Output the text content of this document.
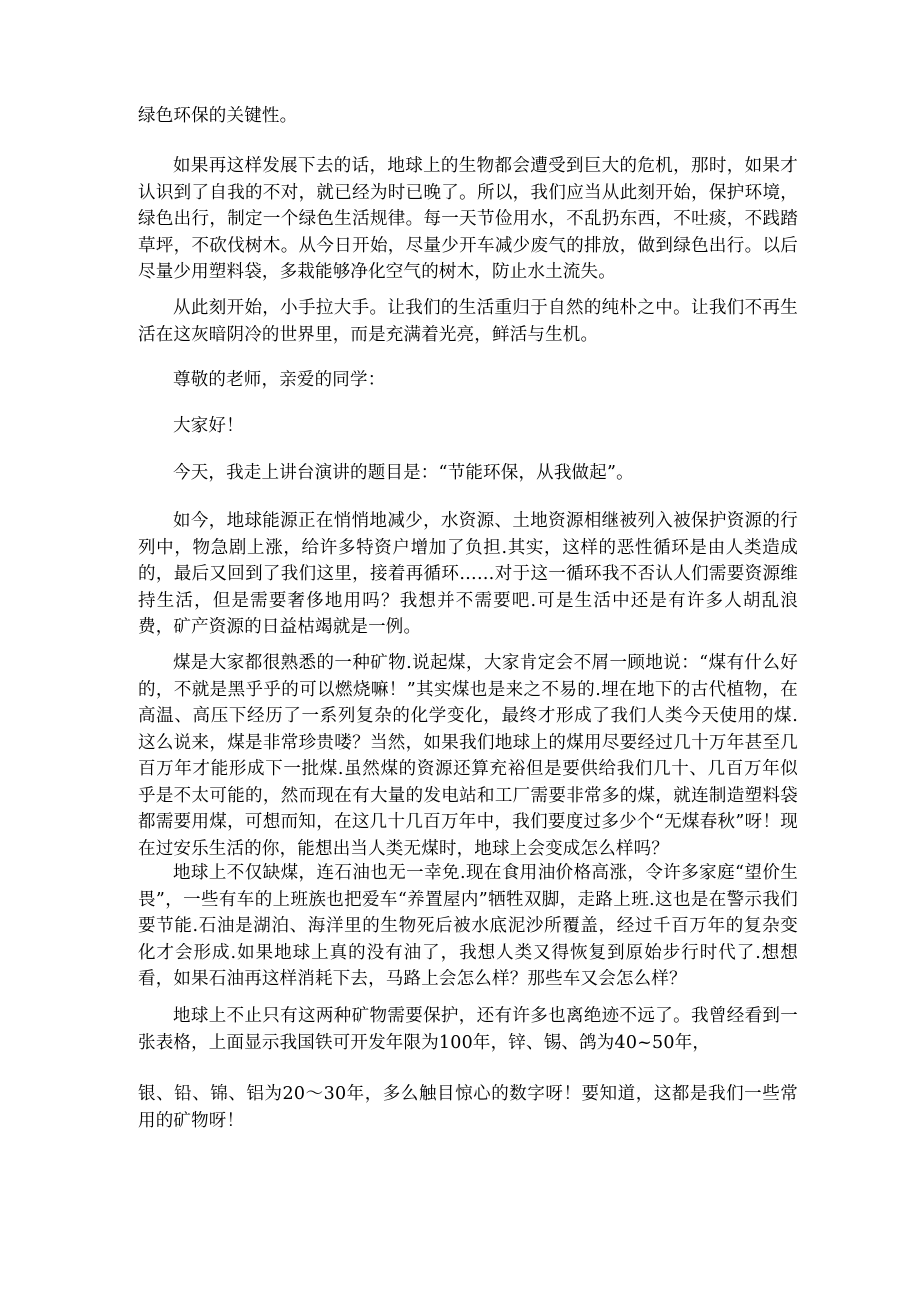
绿色环保的关键性。

如果再这样发展下去的话，地球上的生物都会遭受到巨大的危机，那时，如果才认识到了自我的不对，就已经为时已晚了。所以，我们应当从此刻开始，保护环境，绿色出行，制定一个绿色生活规律。每一天节俭用水，不乱扔东西，不吐痰，不践踏草坪，不砍伐树木。从今日开始，尽量少开车减少废气的排放，做到绿色出行。以后尽量少用塑料袋，多栽能够净化空气的树木，防止水土流失。

从此刻开始，小手拉大手。让我们的生活重归于自然的纯朴之中。让我们不再生活在这灰暗阴冷的世界里，而是充满着光亮，鲜活与生机。

尊敬的老师，亲爱的同学：

大家好！

今天，我走上讲台演讲的题目是：“节能环保，从我做起”。

如今，地球能源正在悄悄地减少，水资源、土地资源相继被列入被保护资源的行列中，物急剧上涨，给许多特资户增加了负担.其实，这样的恶性循环是由人类造成的，最后又回到了我们这里，接着再循环……对于这一循环我不否认人们需要资源维持生活，但是需要奢侈地用吗？我想并不需要吧.可是生活中还是有许多人胡乱浪费，矿产资源的日益枯竭就是一例。

煤是大家都很熟悉的一种矿物.说起煤，大家肯定会不屑一顾地说：“煤有什么好的，不就是黑乎乎的可以燃烧嘛！”其实煤也是来之不易的.埋在地下的古代植物，在高温、高压下经历了一系列复杂的化学变化，最终才形成了我们人类今天使用的煤.这么说来，煤是非常珍贵喽？当然，如果我们地球上的煤用尽要经过几十万年甚至几百万年才能形成下一批煤.虽然煤的资源还算充裕但是要供给我们几十、几百万年似乎是不太可能的，然而现在有大量的发电站和工厂需要非常多的煤，就连制造塑料袋都需要用煤，可想而知，在这几十几百万年中，我们要度过多少个“无煤春秋”呀！现在过安乐生活的你，能想出当人类无煤时，地球上会变成怎么样吗？

地球上不仅缺煤，连石油也无一幸免.现在食用油价格高涨，令许多家庭“望价生畏”，一些有车的上班族也把爱车“养置屋内”牺牲双脚，走路上班.这也是在警示我们要节能.石油是湖泊、海洋里的生物死后被水底泥沙所覆盖，经过千百万年的复杂变化才会形成.如果地球上真的没有油了，我想人类又得恢复到原始步行时代了.想想看，如果石油再这样消耗下去，马路上会怎么样？那些车又会怎么样？

地球上不止只有这两种矿物需要保护，还有许多也离绝迹不远了。我曾经看到一张表格，上面显示我国铁可开发年限为100年，锌、锡、鸽为40~50年，

银、铅、锦、铝为20～30年，多么触目惊心的数字呀！要知道，这都是我们一些常用的矿物呀！
